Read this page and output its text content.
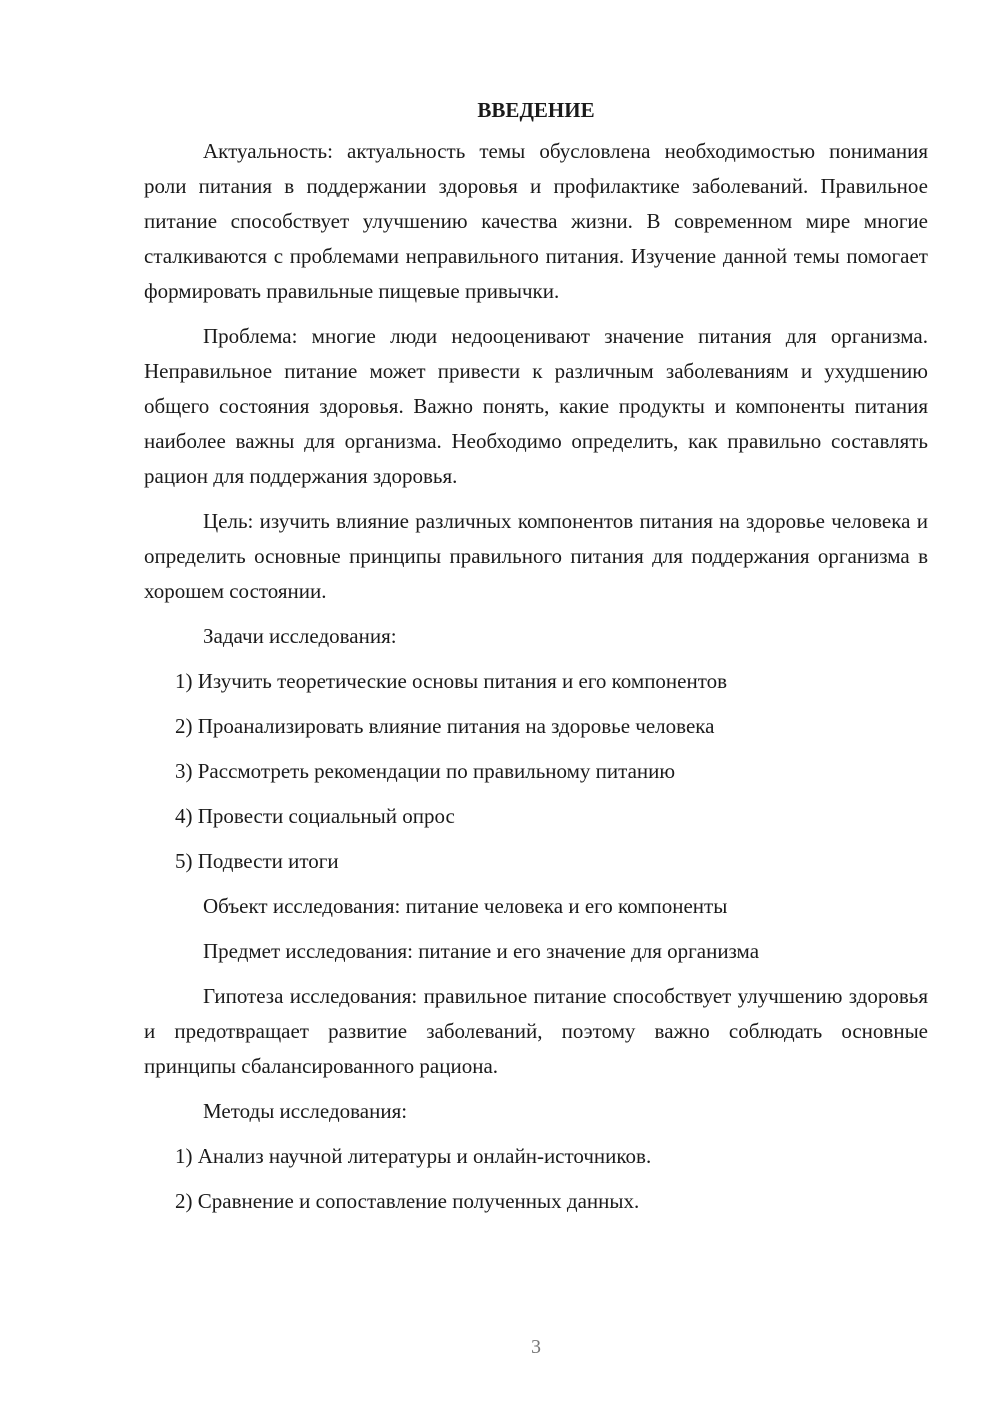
ВВЕДЕНИЕ

Актуальность: актуальность темы обусловлена необходимостью понимания роли питания в поддержании здоровья и профилактике заболеваний. Правильное питание способствует улучшению качества жизни. В современном мире многие сталкиваются с проблемами неправильного питания. Изучение данной темы помогает формировать правильные пищевые привычки.

Проблема: многие люди недооценивают значение питания для организма. Неправильное питание может привести к различным заболеваниям и ухудшению общего состояния здоровья. Важно понять, какие продукты и компоненты питания наиболее важны для организма. Необходимо определить, как правильно составлять рацион для поддержания здоровья.

Цель: изучить влияние различных компонентов питания на здоровье человека и определить основные принципы правильного питания для поддержания организма в хорошем состоянии.

Задачи исследования:

1) Изучить теоретические основы питания и его компонентов

2) Проанализировать влияние питания на здоровье человека

3) Рассмотреть рекомендации по правильному питанию

4) Провести социальный опрос

5) Подвести итоги

Объект исследования: питание человека и его компоненты

Предмет исследования: питание и его значение для организма

Гипотеза исследования: правильное питание способствует улучшению здоровья и предотвращает развитие заболеваний, поэтому важно соблюдать основные принципы сбалансированного рациона.

Методы исследования:

1) Анализ научной литературы и онлайн-источников.

2) Сравнение и сопоставление полученных данных.

3
